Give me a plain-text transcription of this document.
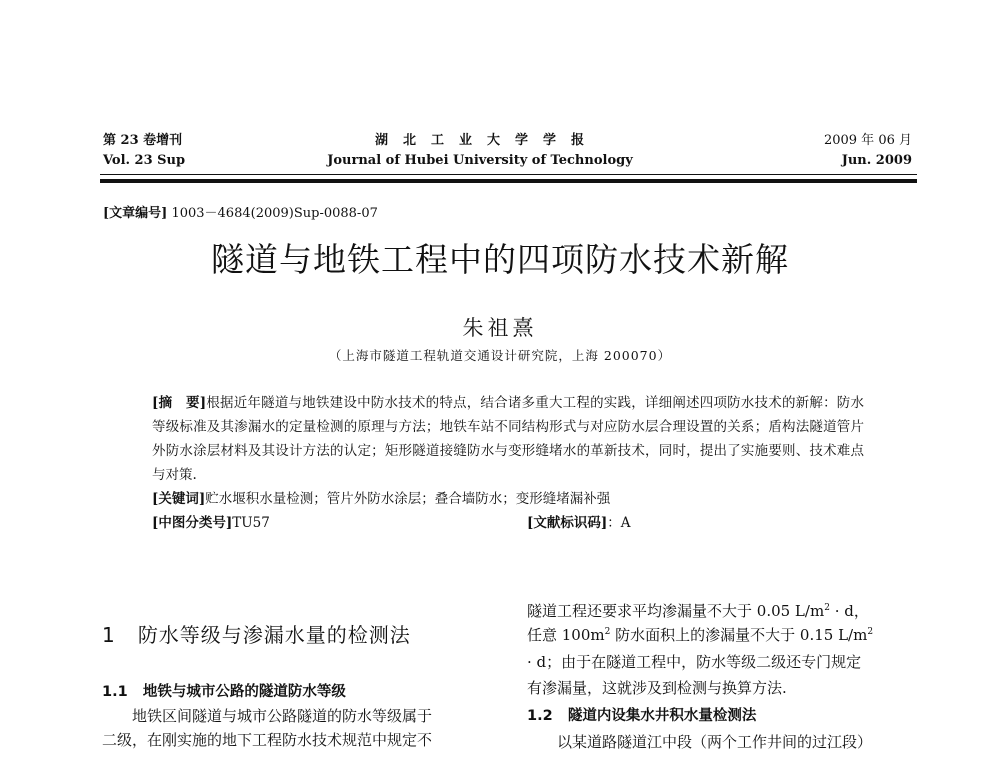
第 23 卷增刊
Vol. 23 Sup
湖　北　工　业　大　学　学　报
Journal of Hubei University of Technology
2009 年 06 月
Jun. 2009
[文章编号] 1003－4684(2009)Sup-0088-07
隧道与地铁工程中的四项防水技术新解
朱祖熹
（上海市隧道工程轨道交通设计研究院，上海 200070）
[摘　要]根据近年隧道与地铁建设中防水技术的特点，结合诸多重大工程的实践，详细阐述四项防水技术的新解：防水等级标准及其渗漏水的定量检测的原理与方法；地铁车站不同结构形式与对应防水层合理设置的关系；盾构法隧道管片外防水涂层材料及其设计方法的认定；矩形隧道接缝防水与变形缝堵水的革新技术，同时，提出了实施要则、技术难点与对策.
[关键词]贮水堰积水量检测；管片外防水涂层；叠合墙防水；变形缝堵漏补强
[中图分类号]TU57	[文献标识码]：A
1 防水等级与渗漏水量的检测法
1.1 地铁与城市公路的隧道防水等级
地铁区间隧道与城市公路隧道的防水等级属于
二级，在刚实施的地下工程防水技术规范中规定不
隧道工程还要求平均渗漏量不大于 0.05 $L/m^2 \cdot d$，
任意 $100m^2$ 防水面积上的渗漏量不大于 0.15 $L/m^2$
· d；由于在隧道工程中，防水等级二级还专门规定
有渗漏量，这就涉及到检测与换算方法.
1.2 隧道内设集水井积水量检测法
以某道路隧道江中段（两个工作井间的过江段）
